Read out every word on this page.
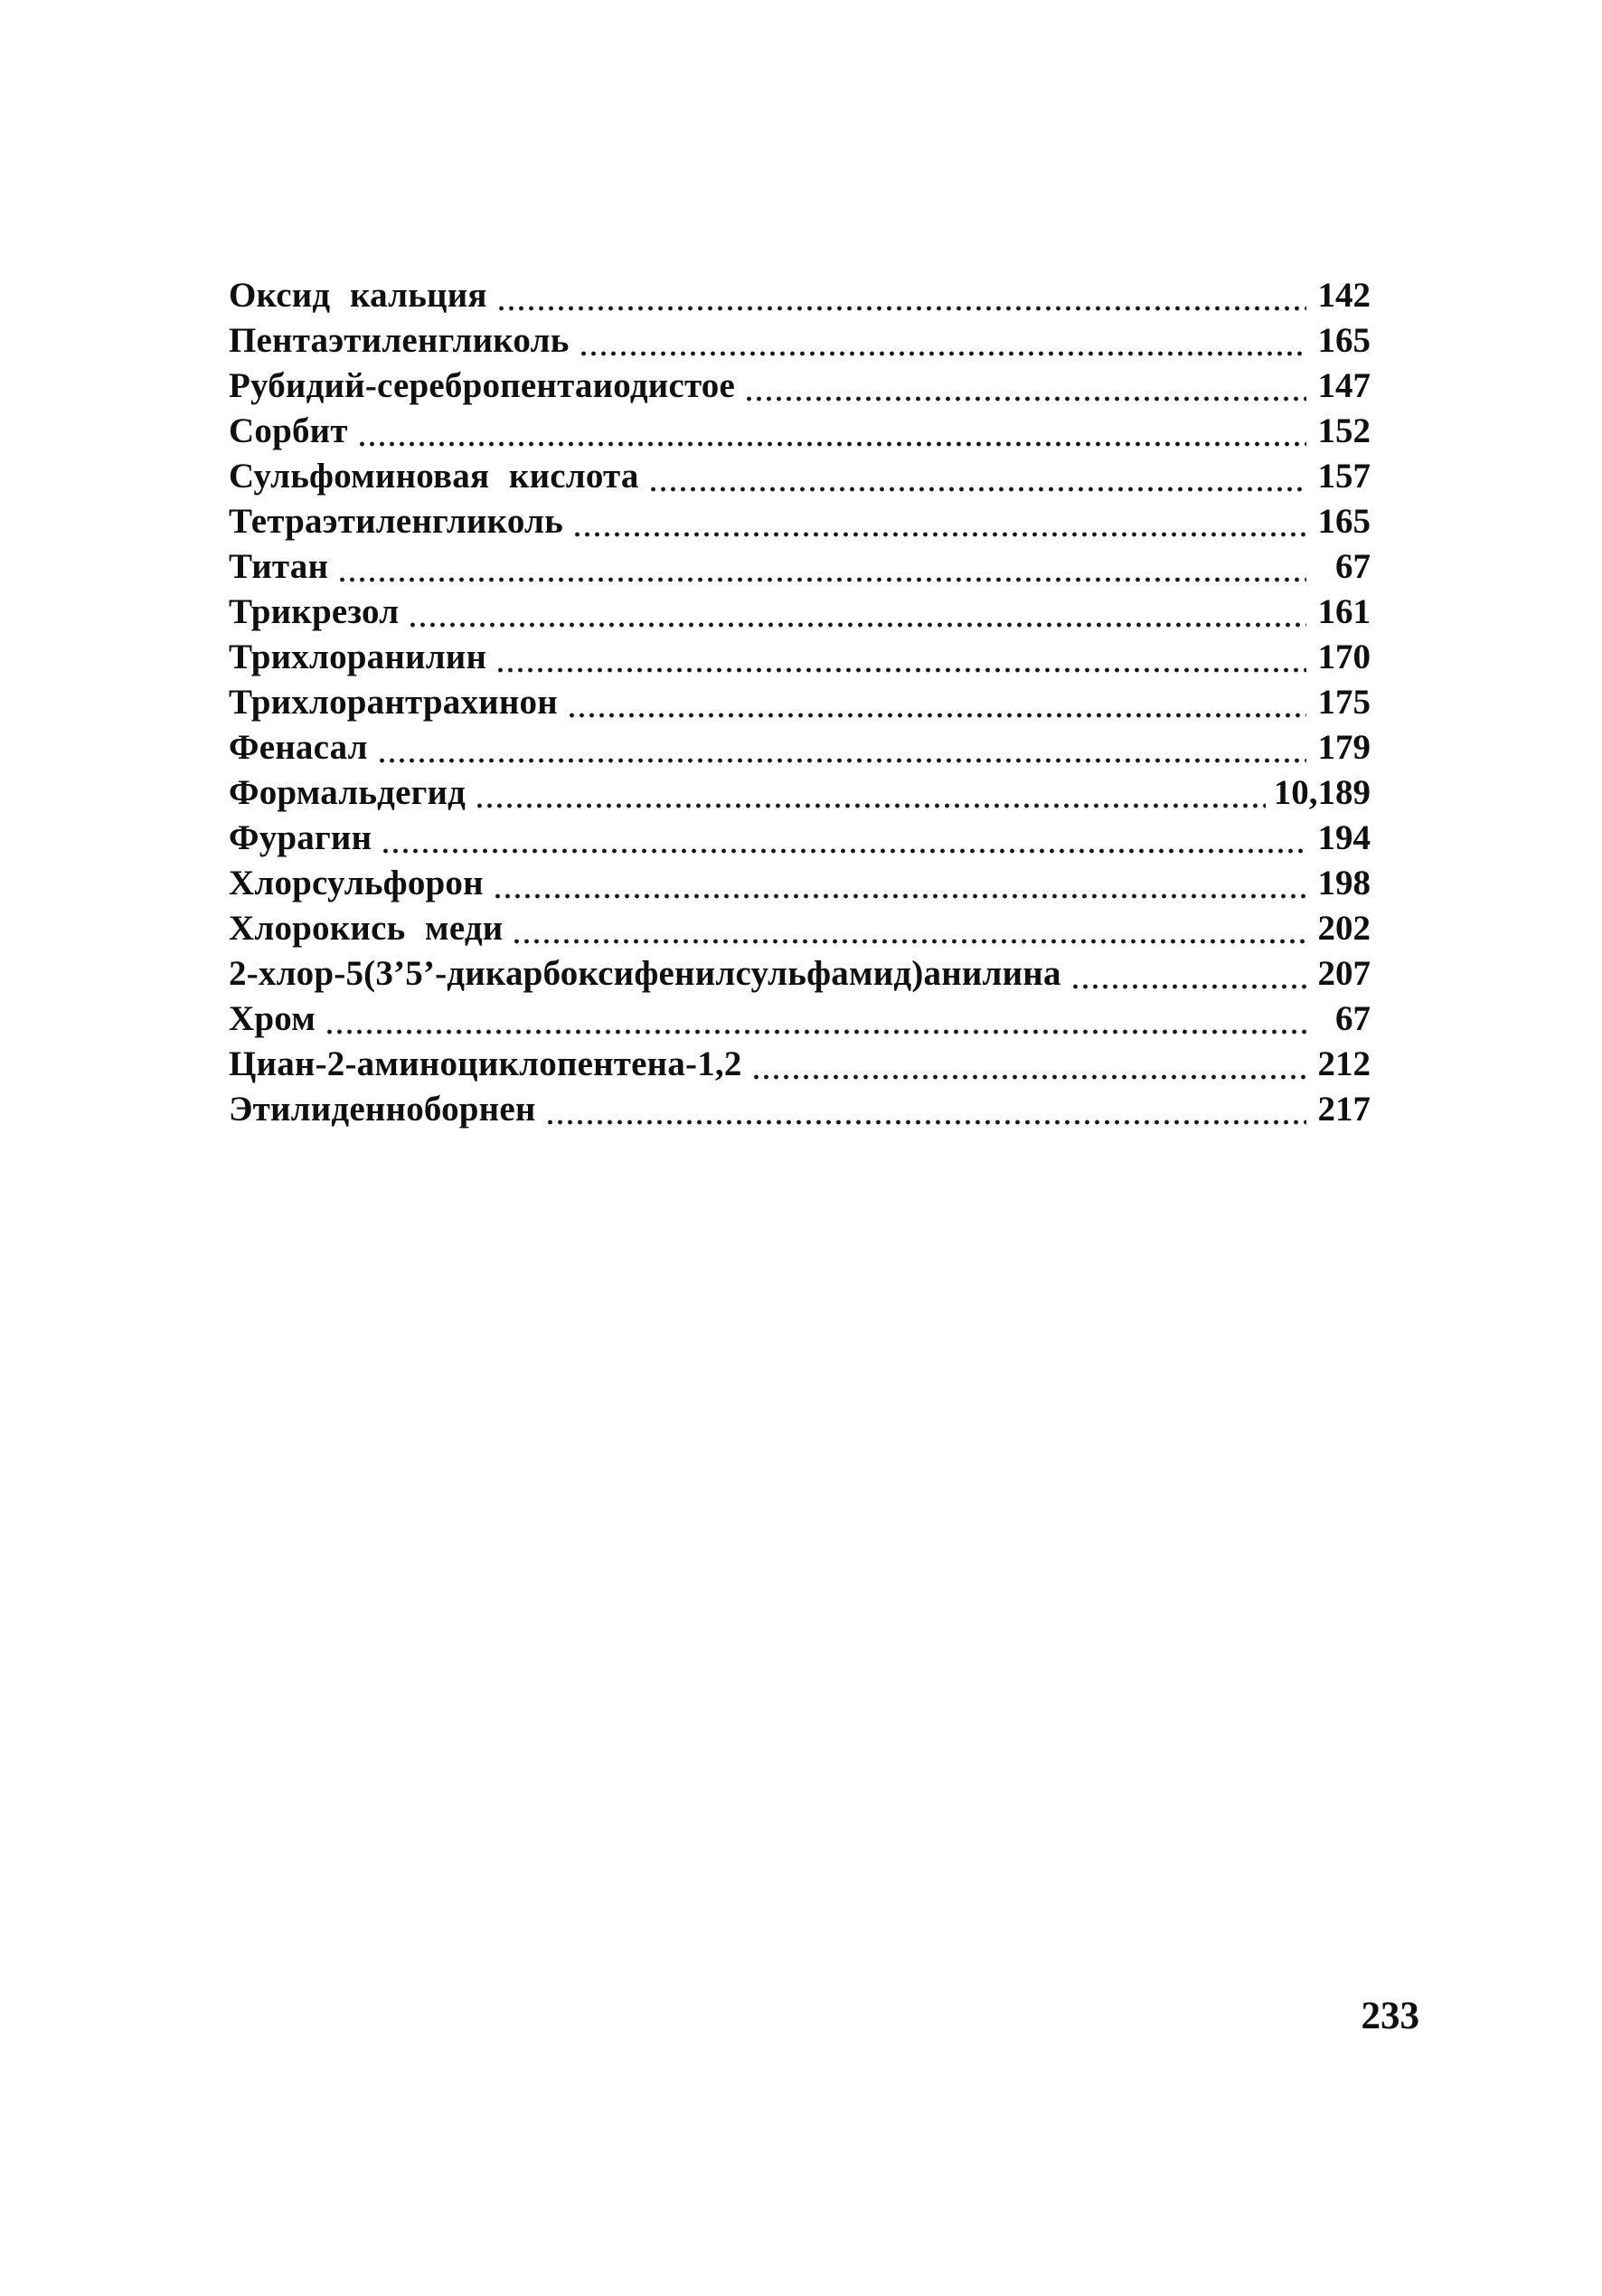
Оксид кальция	142
Пентаэтиленгликоль	165
Рубидий-серебропентаиодистое	147
Сорбит	152
Сульфоминовая кислота	157
Тетраэтиленгликоль	165
Титан	67
Трикрезол	161
Трихлоранилин	170
Трихлорантрахинон	175
Фенасал	179
Формальдегид	10,189
Фурагин	194
Хлорсульфорон	198
Хлорокись меди	202
2-хлор-5(3’5’-дикарбоксифенилсульфамид)анилина	207
Хром	67
Циан-2-аминоциклопентена-1,2	212
Этилиденноборнен	217
233
